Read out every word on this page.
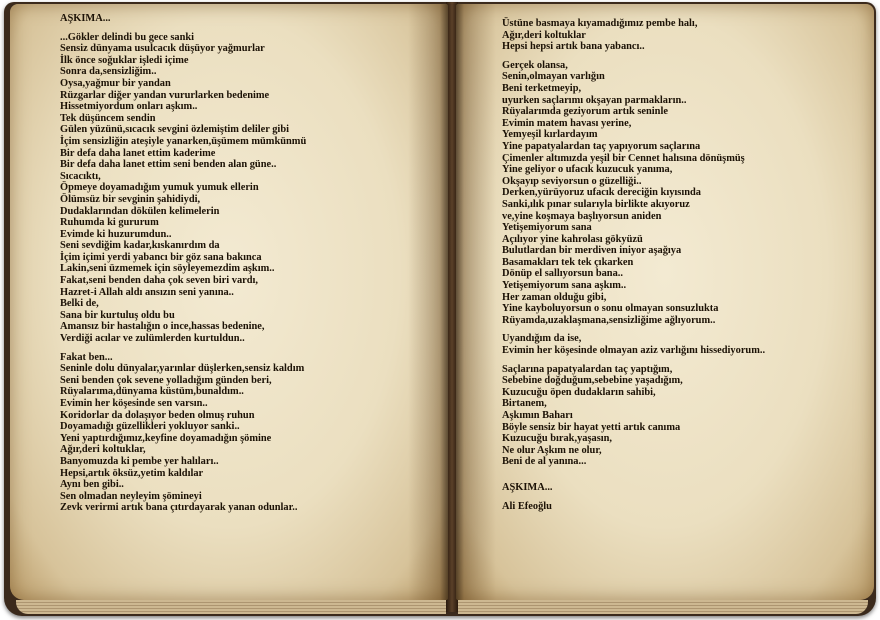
AŞKIMA...
...Gökler delindi bu gece sanki
Sensiz dünyama usulcacık düşüyor yağmurlar
İlk önce soğuklar işledi içime
Sonra da,sensizliğim..
Oysa,yağmur bir yandan
Rüzgarlar diğer yandan vururlarken bedenime
Hissetmiyordum onları aşkım..
Tek düşüncem sendin
Gülen yüzünü,sıcacık sevgini özlemiştim deliler gibi
İçim sensizliğin ateşiyle yanarken,üşümem mümkünmü
Bir defa daha lanet ettim kaderime
Bir defa daha lanet ettim seni benden alan güne..
Sıcacıktı,
Öpmeye doyamadığım yumuk yumuk ellerin
Ölümsüz bir sevginin şahidiydi,
Dudaklarından dökülen kelimelerin
Ruhumda ki gururum
Evimde ki huzurumdun..
Seni sevdiğim kadar,kıskanırdım da
İçim içimi yerdi yabancı bir göz sana bakınca
Lakin,seni üzmemek için söyleyemezdim aşkım..
Fakat,seni benden daha çok seven biri vardı,
Hazret-i Allah aldı ansızın seni yanına..
Belki de,
Sana bir kurtuluş oldu bu
Amansız bir hastalığın o ince,hassas bedenine,
Verdiği acılar ve zulümlerden kurtuldun..
Fakat ben...
Seninle dolu dünyalar,yarınlar düşlerken,sensiz kaldım
Seni benden çok sevene yolladığım günden beri,
Rüyalarıma,dünyama küstüm,bunaldım..
Evimin her köşesinde sen varsın..
Koridorlar da dolaşıyor beden olmuş ruhun
Doyamadığı güzellikleri yokluyor sanki..
Yeni yaptırdığımız,keyfine doyamadığın şömine
Ağır,deri koltuklar,
Banyomuzda ki pembe yer halıları..
Hepsi,artık öksüz,yetim kaldılar
Aynı ben gibi..
Sen olmadan neyleyim şömineyi
Zevk verirmi artık bana çıtırdayarak yanan odunlar..
Üstüne basmaya kıyamadığımız pembe halı,
Ağır,deri koltuklar
Hepsi hepsi artık bana yabancı..
Gerçek olansa,
Senin,olmayan varlığın
Beni terketmeyip,
uyurken saçlarımı okşayan parmakların..
Rüyalarımda geziyorum artık seninle
Evimin matem havası yerine,
Yemyeşil kırlardayım
Yine papatyalardan taç yapıyorum saçlarına
Çimenler altımızda yeşil bir Cennet halısına dönüşmüş
Yine geliyor o ufacık kuzucuk yanıma,
Okşayıp seviyorsun o güzelliği..
Derken,yürüyoruz ufacık dereciğin kıyısında
Sanki,ılık pınar sularıyla birlikte akıyoruz
ve,yine koşmaya başlıyorsun aniden
Yetişemiyorum sana
Açılıyor yine kahrolası gökyüzü
Bulutlardan bir merdiven iniyor aşağıya
Basamakları tek tek çıkarken
Dönüp el sallıyorsun bana..
Yetişemiyorum sana aşkım..
Her zaman olduğu gibi,
Yine kayboluyorsun o sonu olmayan sonsuzlukta
Rüyamda,uzaklaşmana,sensizliğime ağlıyorum..
Uyandığım da ise,
Evimin her köşesinde olmayan aziz varlığını hissediyorum..
Saçlarına papatyalardan taç yaptığım,
Sebebine doğduğum,sebebine yaşadığım,
Kuzucuğu öpen dudakların sahibi,
Birtanem,
Aşkımın Baharı
Böyle sensiz bir hayat yetti artık canıma
Kuzucuğu bırak,yaşasın,
Ne olur Aşkım ne olur,
Beni de al yanına...
AŞKIMA...
Ali Efeoğlu
